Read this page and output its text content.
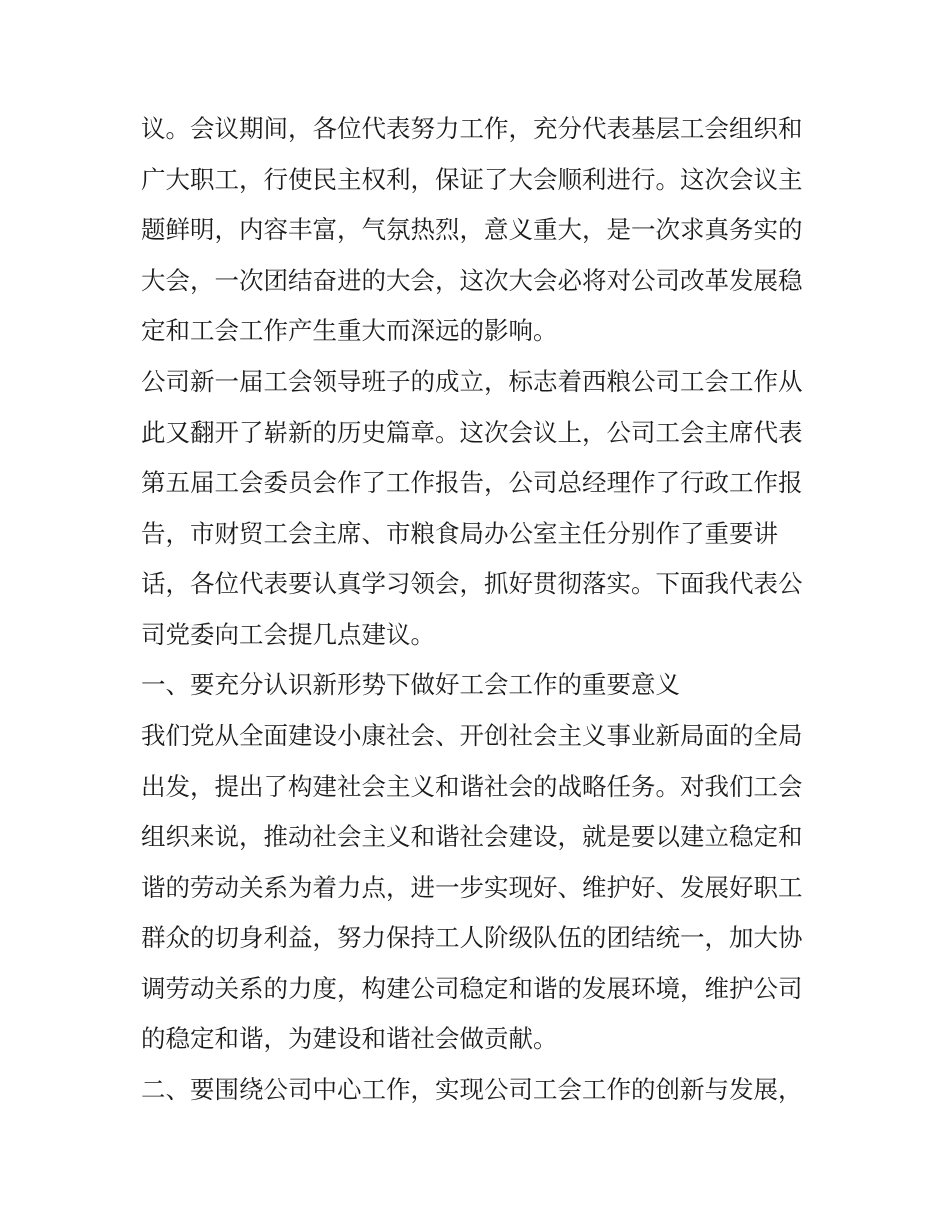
议。会议期间，各位代表努力工作，充分代表基层工会组织和
广大职工，行使民主权利，保证了大会顺利进行。这次会议主
题鲜明，内容丰富，气氛热烈，意义重大，是一次求真务实的
大会，一次团结奋进的大会，这次大会必将对公司改革发展稳
定和工会工作产生重大而深远的影响。
公司新一届工会领导班子的成立，标志着西粮公司工会工作从
此又翻开了崭新的历史篇章。这次会议上，公司工会主席代表
第五届工会委员会作了工作报告，公司总经理作了行政工作报
告，市财贸工会主席、市粮食局办公室主任分别作了重要讲
话，各位代表要认真学习领会，抓好贯彻落实。下面我代表公
司党委向工会提几点建议。
一、要充分认识新形势下做好工会工作的重要意义
我们党从全面建设小康社会、开创社会主义事业新局面的全局
出发，提出了构建社会主义和谐社会的战略任务。对我们工会
组织来说，推动社会主义和谐社会建设，就是要以建立稳定和
谐的劳动关系为着力点，进一步实现好、维护好、发展好职工
群众的切身利益，努力保持工人阶级队伍的团结统一，加大协
调劳动关系的力度，构建公司稳定和谐的发展环境，维护公司
的稳定和谐，为建设和谐社会做贡献。
二、要围绕公司中心工作，实现公司工会工作的创新与发展，
